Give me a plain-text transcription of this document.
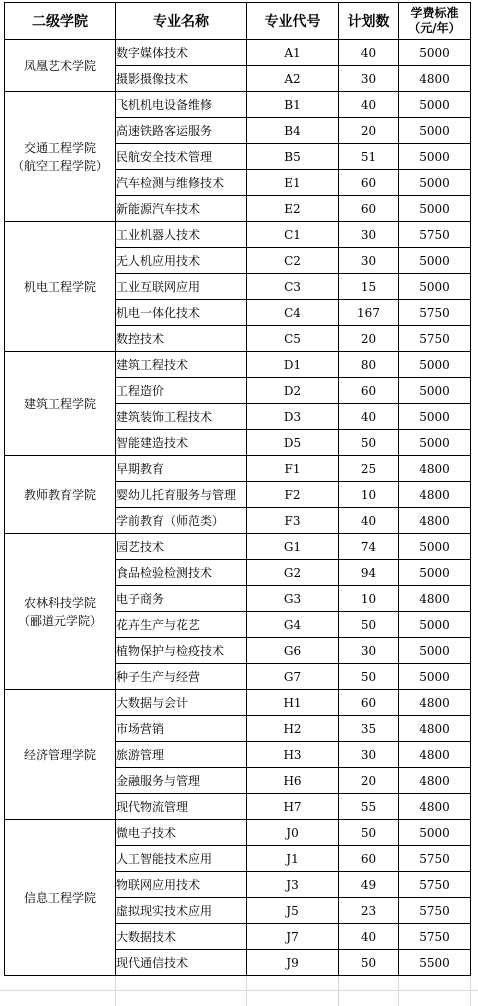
二级学院	专业名称	专业代号	计划数	学费标准
（元/年）

凤凰艺术学院	数字媒体技术	A1	40	5000
	摄影摄像技术	A2	30	4800

交通工程学院
（航空工程学院）	飞机机电设备维修	B1	40	5000
	高速铁路客运服务	B4	20	5000
	民航安全技术管理	B5	51	5000
	汽车检测与维修技术	E1	60	5000
	新能源汽车技术	E2	60	5000

机电工程学院	工业机器人技术	C1	30	5750
	无人机应用技术	C2	30	5000
	工业互联网应用	C3	15	5000
	机电一体化技术	C4	167	5750
	数控技术	C5	20	5750

建筑工程学院	建筑工程技术	D1	80	5000
	工程造价	D2	60	5000
	建筑装饰工程技术	D3	40	5000
	智能建造技术	D5	50	5000

教师教育学院	早期教育	F1	25	4800
	婴幼儿托育服务与管理	F2	10	4800
	学前教育（师范类）	F3	40	4800

农林科技学院
（郦道元学院）	园艺技术	G1	74	5000
	食品检验检测技术	G2	94	5000
	电子商务	G3	10	4800
	花卉生产与花艺	G4	50	5000
	植物保护与检疫技术	G6	30	5000
	种子生产与经营	G7	50	5000

经济管理学院	大数据与会计	H1	60	4800
	市场营销	H2	35	4800
	旅游管理	H3	30	4800
	金融服务与管理	H6	20	4800
	现代物流管理	H7	55	4800

信息工程学院	微电子技术	J0	50	5000
	人工智能技术应用	J1	60	5750
	物联网应用技术	J3	49	5750
	虚拟现实技术应用	J5	23	5750
	大数据技术	J7	40	5750
	现代通信技术	J9	50	5500
